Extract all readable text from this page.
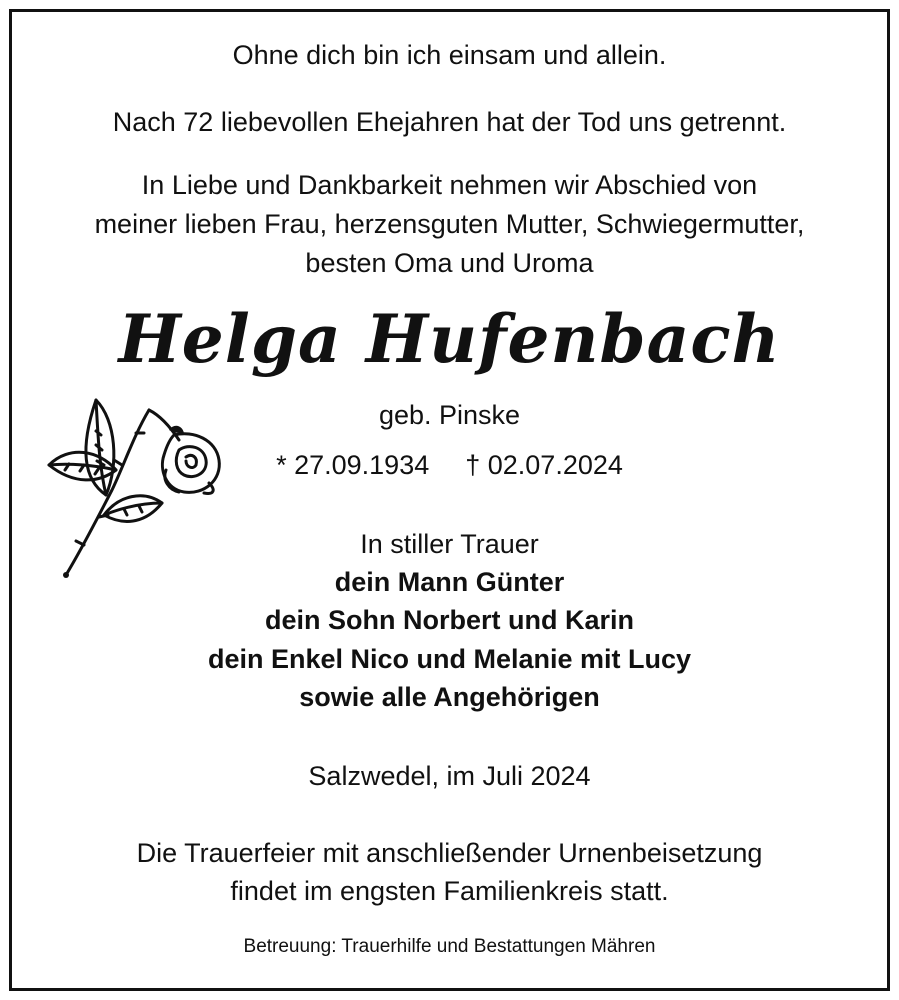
Ohne dich bin ich einsam und allein.
Nach 72 liebevollen Ehejahren hat der Tod uns getrennt.
In Liebe und Dankbarkeit nehmen wir Abschied von
meiner lieben Frau, herzensguten Mutter, Schwiegermutter,
besten Oma und Uroma
Helga Hufenbach
geb. Pinske
* 27.09.1934 † 02.07.2024
In stiller Trauer
dein Mann Günter
dein Sohn Norbert und Karin
dein Enkel Nico und Melanie mit Lucy
sowie alle Angehörigen
Salzwedel, im Juli 2024
Die Trauerfeier mit anschließender Urnenbeisetzung
findet im engsten Familienkreis statt.
Betreuung: Trauerhilfe und Bestattungen Mähren
